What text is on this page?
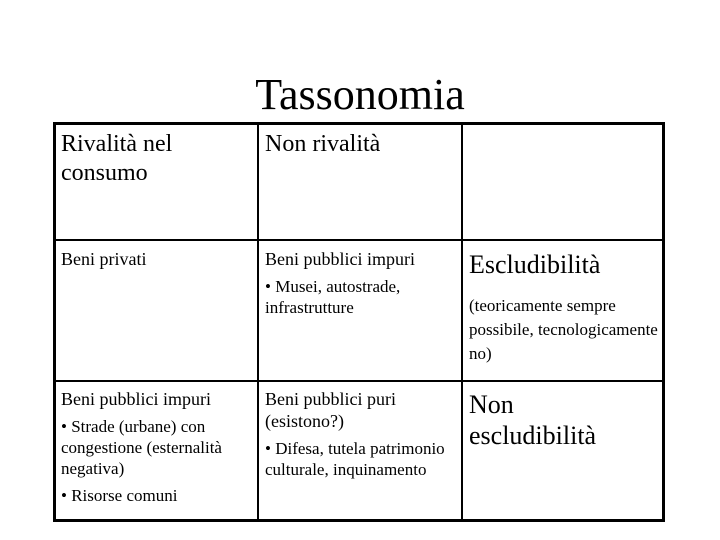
Tassonomia
Rivalità nel consumo
Non rivalità
Beni privati	Beni pubblici impuri

• Musei, autostrade, infrastrutture

Escludibilità

(teoricamente sempre possibile, tecnologicamente no)

Beni pubblici impuri

• Strade (urbane) con congestione (esternalità negativa)

• Risorse comuni

Beni pubblici puri (esistono?)

• Difesa, tutela patrimonio culturale, inquinamento

Non escludibilità
